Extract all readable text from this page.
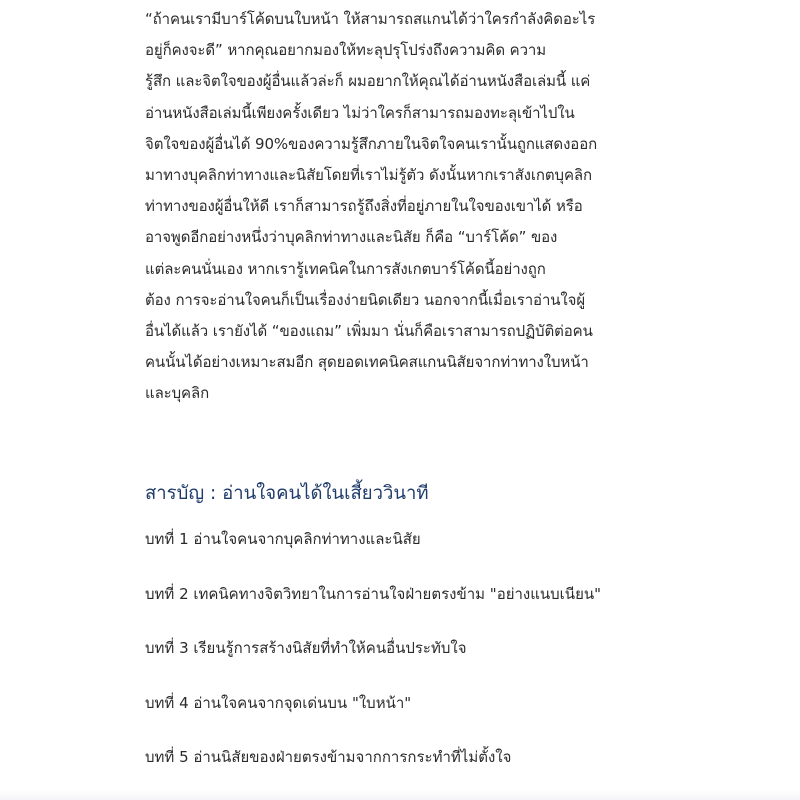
“ถ้าคนเรามีบาร์โค้ดบนใบหน้า ให้สามารถสแกนได้ว่าใครกำลังคิดอะไร
อยู่ก็คงจะดี” หากคุณอยากมองให้ทะลุปรุโปร่งถึงความคิด ความ
รู้สึก และจิตใจของผู้อื่นแล้วล่ะก็ ผมอยากให้คุณได้อ่านหนังสือเล่มนี้ แค่
อ่านหนังสือเล่มนี้เพียงครั้งเดียว ไม่ว่าใครก็สามารถมองทะลุเข้าไปใน
จิตใจของผู้อื่นได้ 90%ของความรู้สึกภายในจิตใจคนเรานั้นถูกแสดงออก
มาทางบุคลิกท่าทางและนิสัยโดยที่เราไม่รู้ตัว ดังนั้นหากเราสังเกตบุคลิก
ท่าทางของผู้อื่นให้ดี เราก็สามารถรู้ถึงสิ่งที่อยู่ภายในใจของเขาได้ หรือ
อาจพูดอีกอย่างหนึ่งว่าบุคลิกท่าทางและนิสัย ก็คือ “บาร์โค้ด” ของ
แต่ละคนนั่นเอง หากเรารู้เทคนิคในการสังเกตบาร์โค้ดนี้อย่างถูก
ต้อง การจะอ่านใจคนก็เป็นเรื่องง่ายนิดเดียว นอกจากนี้เมื่อเราอ่านใจผู้
อื่นได้แล้ว เรายังได้ “ของแถม” เพิ่มมา นั่นก็คือเราสามารถปฏิบัติต่อคน
คนนั้นได้อย่างเหมาะสมอีก สุดยอดเทคนิคสแกนนิสัยจากท่าทางใบหน้า
และบุคลิก
สารบัญ : อ่านใจคนได้ในเสี้ยววินาที
บทที่ 1 อ่านใจคนจากบุคลิกท่าทางและนิสัย
บทที่ 2 เทคนิคทางจิตวิทยาในการอ่านใจฝ่ายตรงข้าม "อย่างแนบเนียน"
บทที่ 3 เรียนรู้การสร้างนิสัยที่ทำให้คนอื่นประทับใจ
บทที่ 4 อ่านใจคนจากจุดเด่นบน "ใบหน้า"
บทที่ 5 อ่านนิสัยของฝ่ายตรงข้ามจากการกระทำที่ไม่ตั้งใจ
